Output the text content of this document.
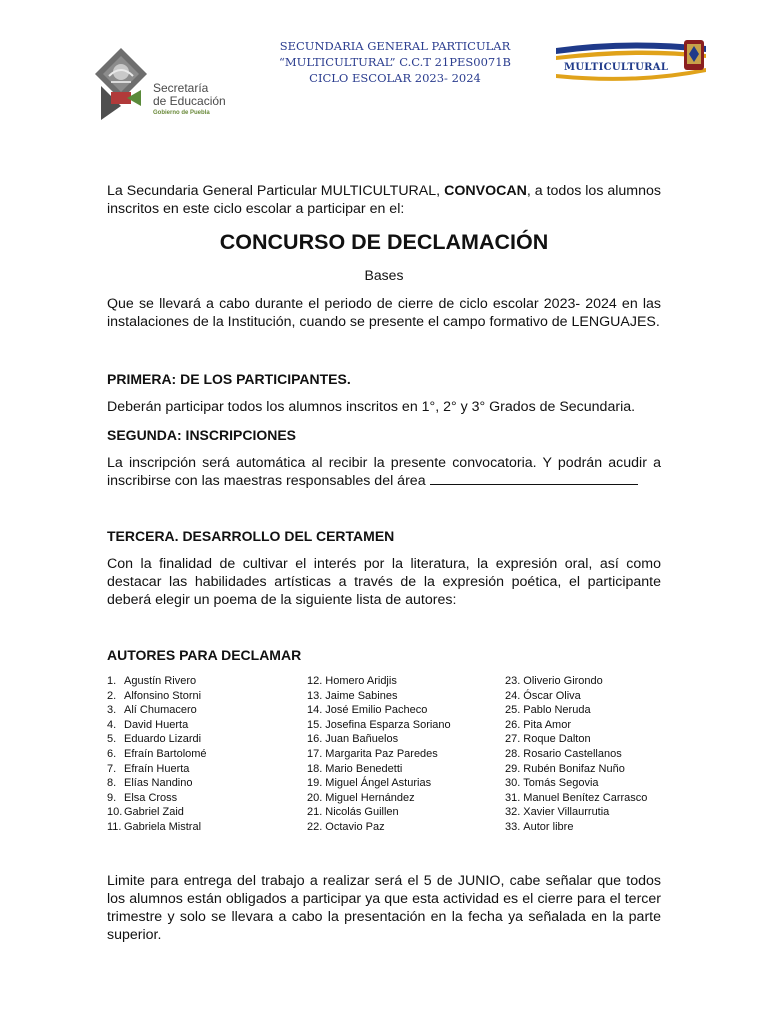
Secretaría
de Educación
Gobierno de Puebla
SECUNDARIA GENERAL PARTICULAR
“MULTICULTURAL” C.C.T 21PES0071B
CICLO ESCOLAR 2023- 2024
MULTICULTURAL
La Secundaria General Particular MULTICULTURAL, CONVOCAN, a todos los alumnos inscritos en este ciclo escolar a participar en el:
CONCURSO DE DECLAMACIÓN
Bases
Que se llevará a cabo durante el periodo de cierre de ciclo escolar 2023- 2024 en las instalaciones de la Institución, cuando se presente el campo formativo de LENGUAJES.
PRIMERA: DE LOS PARTICIPANTES.
Deberán participar todos los alumnos inscritos en 1°, 2° y 3° Grados de Secundaria.
SEGUNDA: INSCRIPCIONES
La inscripción será automática al recibir la presente convocatoria. Y podrán acudir a inscribirse con las maestras responsables del área
TERCERA. DESARROLLO DEL CERTAMEN
Con la finalidad de cultivar el interés por la literatura, la expresión oral, así como destacar las habilidades artísticas a través de la expresión poética, el participante deberá elegir un poema de la siguiente lista de autores:
AUTORES PARA DECLAMAR
1. Agustín Rivero
2. Alfonsino Storni
3. Alí Chumacero
4. David Huerta
5. Eduardo Lizardi
6. Efraín Bartolomé
7. Efraín Huerta
8. Elías Nandino
9. Elsa Cross
10. Gabriel Zaid
11. Gabriela Mistral
12. Homero Aridjis
13. Jaime Sabines
14. José Emilio Pacheco
15. Josefina Esparza Soriano
16. Juan Bañuelos
17. Margarita Paz Paredes
18. Mario Benedetti
19. Miguel Ángel Asturias
20. Miguel Hernández
21. Nicolás Guillen
22. Octavio Paz
23. Oliverio Girondo
24. Óscar Oliva
25. Pablo Neruda
26. Pita Amor
27. Roque Dalton
28. Rosario Castellanos
29. Rubén Bonifaz Nuño
30. Tomás Segovia
31. Manuel Benítez Carrasco
32. Xavier Villaurrutia
33. Autor libre
Limite para entrega del trabajo a realizar será el 5 de JUNIO, cabe señalar que todos los alumnos están obligados a participar ya que esta actividad es el cierre para el tercer trimestre y solo se llevara a cabo la presentación en la fecha ya señalada en la parte superior.
